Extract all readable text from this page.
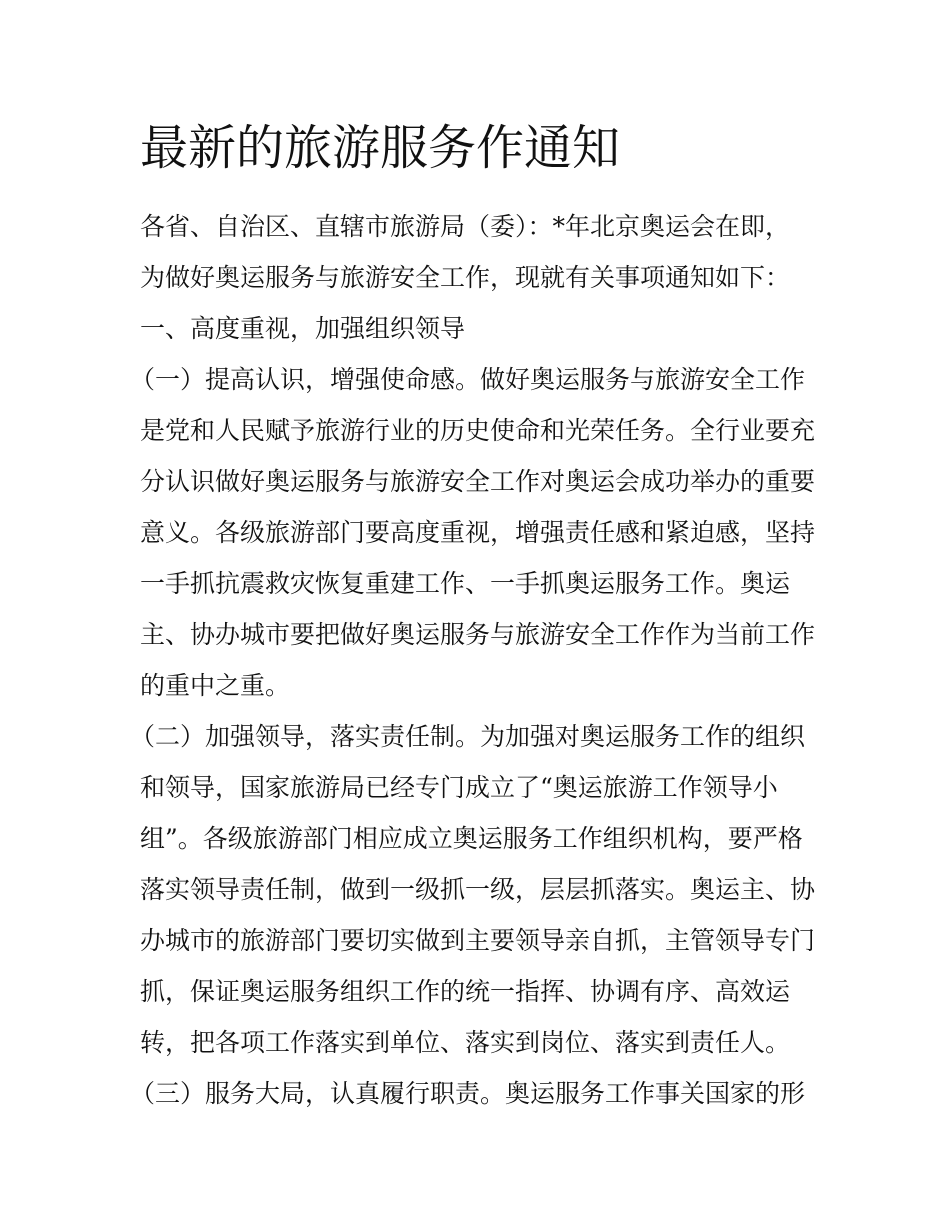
最新的旅游服务作通知

各省、自治区、直辖市旅游局（委）：*年北京奥运会在即，

为做好奥运服务与旅游安全工作，现就有关事项通知如下：

一、高度重视，加强组织领导

（一）提高认识，增强使命感。做好奥运服务与旅游安全工作

是党和人民赋予旅游行业的历史使命和光荣任务。全行业要充

分认识做好奥运服务与旅游安全工作对奥运会成功举办的重要

意义。各级旅游部门要高度重视，增强责任感和紧迫感，坚持

一手抓抗震救灾恢复重建工作、一手抓奥运服务工作。奥运

主、协办城市要把做好奥运服务与旅游安全工作作为当前工作

的重中之重。

（二）加强领导，落实责任制。为加强对奥运服务工作的组织

和领导，国家旅游局已经专门成立了“奥运旅游工作领导小

组”。各级旅游部门相应成立奥运服务工作组织机构，要严格

落实领导责任制，做到一级抓一级，层层抓落实。奥运主、协

办城市的旅游部门要切实做到主要领导亲自抓，主管领导专门

抓，保证奥运服务组织工作的统一指挥、协调有序、高效运

转，把各项工作落实到单位、落实到岗位、落实到责任人。

（三）服务大局，认真履行职责。奥运服务工作事关国家的形
